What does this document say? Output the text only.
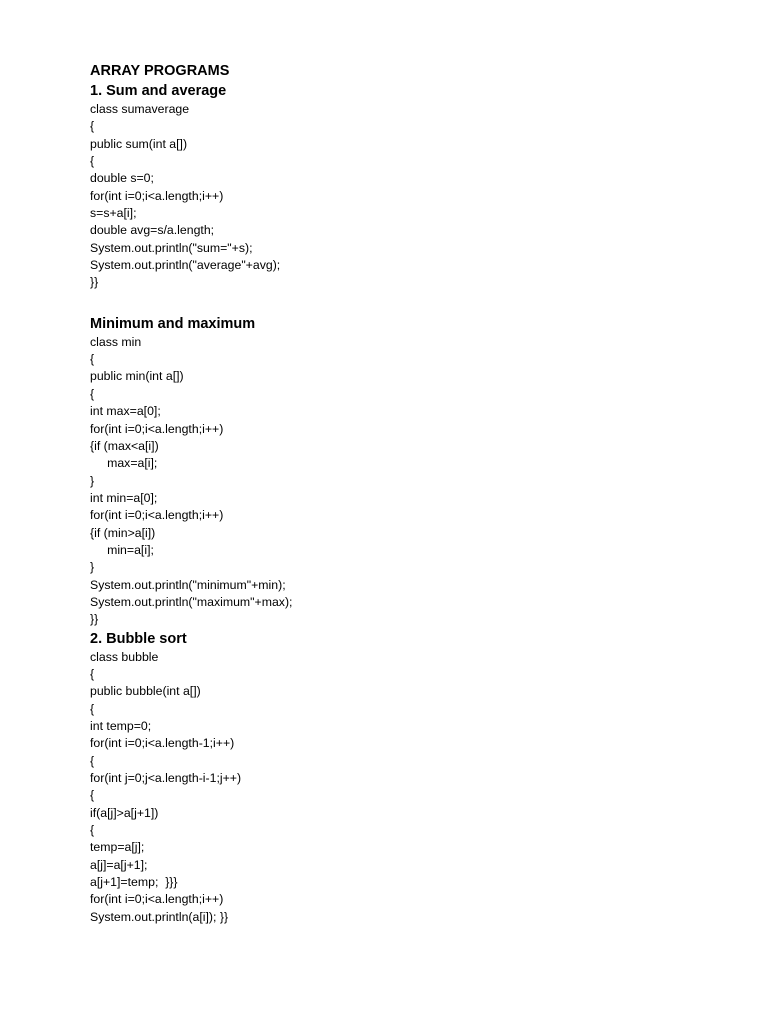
ARRAY PROGRAMS
1. Sum and average
class sumaverage
{
public sum(int a[])
{
double s=0;
for(int i=0;i<a.length;i++)
s=s+a[i];
double avg=s/a.length;
System.out.println("sum="+s);
System.out.println("average"+avg);
}}
Minimum and maximum
class min
{
public min(int a[])
{
int max=a[0];
for(int i=0;i<a.length;i++)
{if (max<a[i])
max=a[i];
}
int min=a[0];
for(int i=0;i<a.length;i++)
{if (min>a[i])
min=a[i];
}
System.out.println("minimum"+min);
System.out.println("maximum"+max);
}}
2. Bubble sort
class bubble
{
public bubble(int a[])
{
int temp=0;
for(int i=0;i<a.length-1;i++)
{
for(int j=0;j<a.length-i-1;j++)
{
if(a[j]>a[j+1])
{
temp=a[j];
a[j]=a[j+1];
a[j+1]=temp;  }}}
for(int i=0;i<a.length;i++)
System.out.println(a[i]); }}
